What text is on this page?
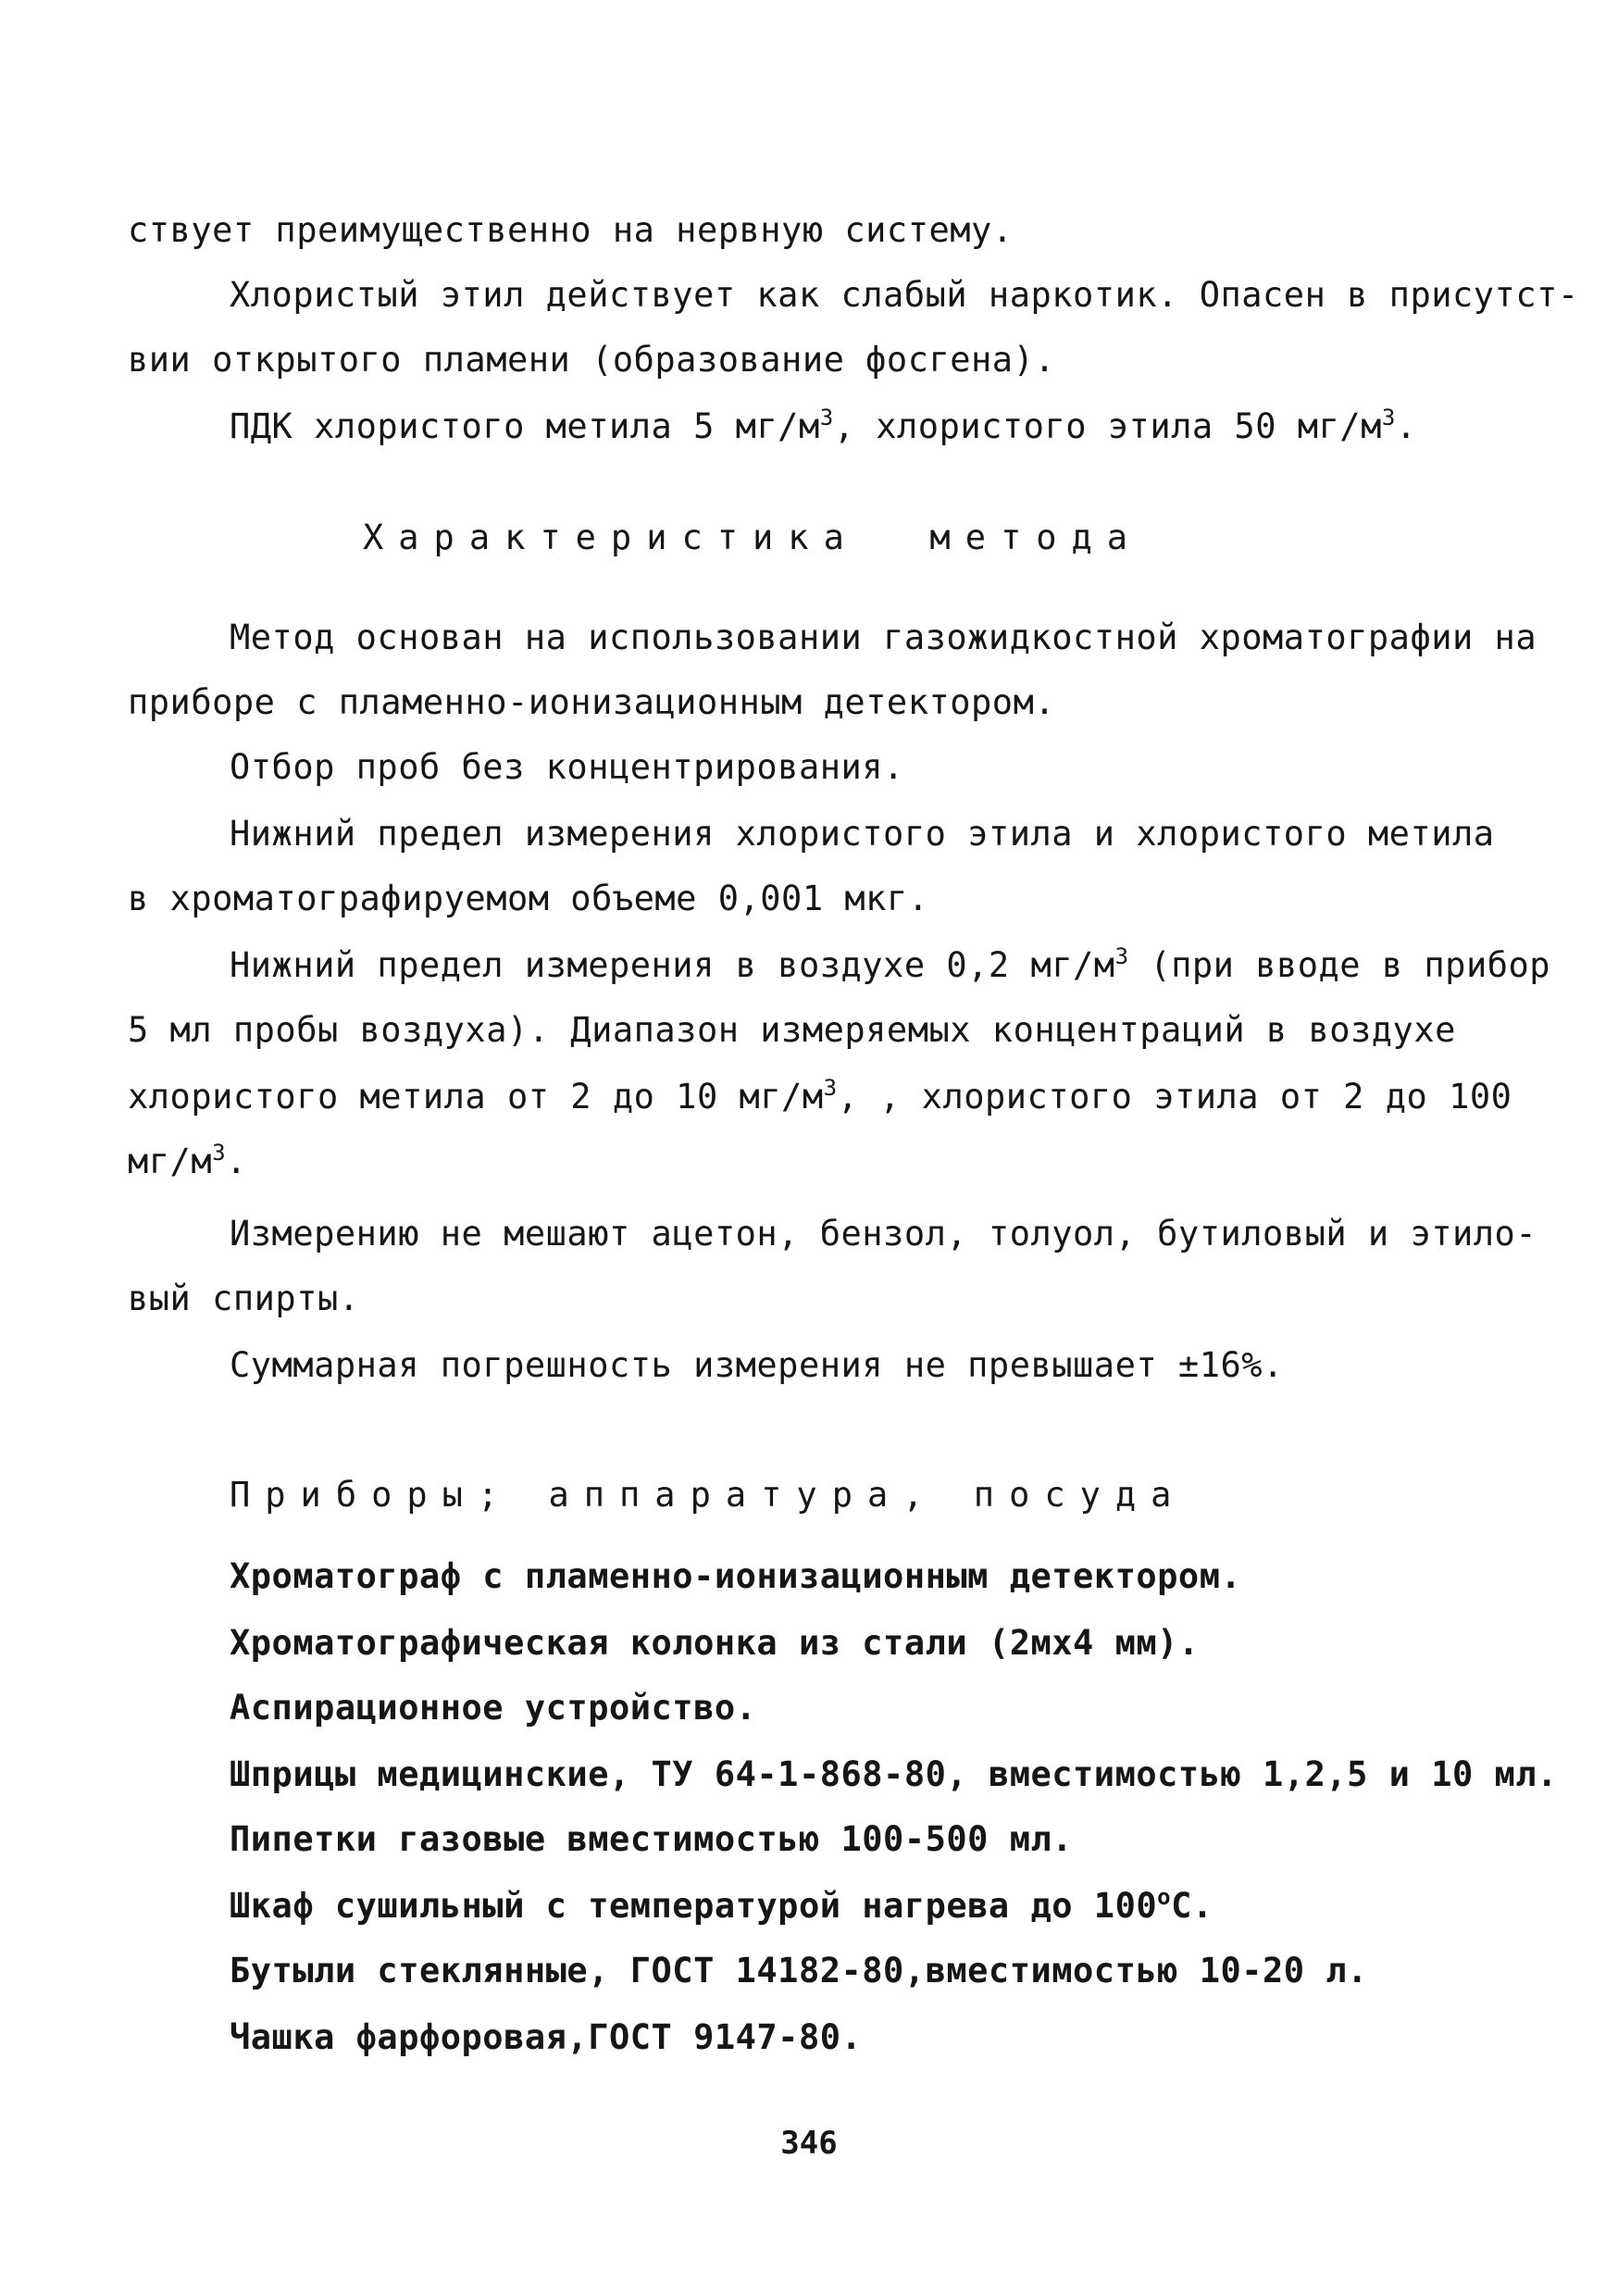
ствует преимущественно на нервную систему.
Хлористый этил действует как слабый наркотик. Опасен в присутст-
вии открытого пламени (образование фосгена).
ПДК хлористого метила 5 $мг/м^3$, хлористого этила 50 $мг/м^3$.
Характеристика  метода
Метод основан на использовании газожидкостной хроматографии на
приборе с пламенно-ионизационным детектором.
Отбор проб без концентрирования.
Нижний предел измерения хлористого этила и хлористого метила
в хроматографируемом объеме 0,001 мкг.
Нижний предел измерения в воздухе 0,2 $мг/м^3$ (при вводе в прибор
5 мл пробы воздуха). Диапазон измеряемых концентраций в воздухе
хлористого метила от 2 до 10 $мг/м^3$, , хлористого этила от 2 до 100
$мг/м^3$.
Измерению не мешают ацетон, бензол, толуол, бутиловый и этило-
вый спирты.
Суммарная погрешность измерения не превышает ±16%.
Приборы; аппаратура, посуда
Хроматограф с пламенно-ионизационным детектором.
Хроматографическая колонка из стали (2мх4 мм).
Аспирационное устройство.
Шприцы медицинские, ТУ 64-1-868-80, вместимостью 1,2,5 и 10 мл.
Пипетки газовые вместимостью 100-500 мл.
Шкаф сушильный с температурой нагрева до $100^оС$.
Бутыли стеклянные, ГОСТ 14182-80,вместимостью 10-20 л.
Чашка фарфоровая,ГОСТ 9147-80.
346
